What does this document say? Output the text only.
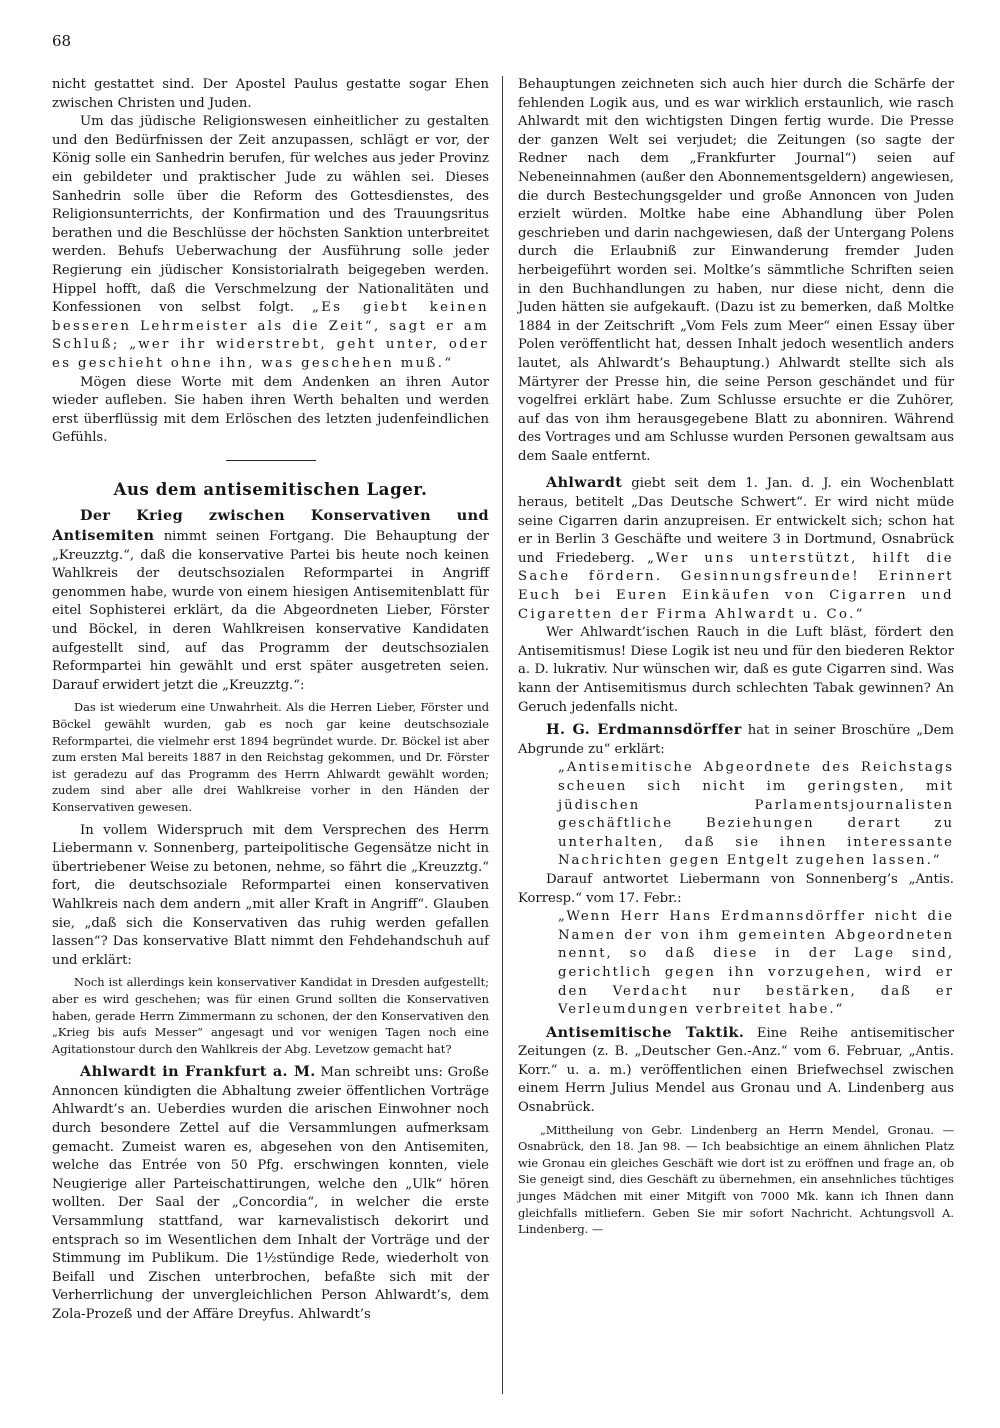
68

nicht gestattet sind. Der Apostel Paulus gestatte sogar Ehen zwischen Christen und Juden.

Um das jüdische Religionswesen einheitlicher zu gestalten und den Bedürfnissen der Zeit anzupassen, schlägt er vor, der König solle ein Sanhedrin berufen, für welches aus jeder Provinz ein gebildeter und praktischer Jude zu wählen sei. Dieses Sanhedrin solle über die Reform des Gottesdienstes, des Religionsunterrichts, der Konfirmation und des Trauungsritus berathen und die Beschlüsse der höchsten Sanktion unterbreitet werden. Behufs Ueberwachung der Ausführung solle jeder Regierung ein jüdischer Konsistorialrath beigegeben werden. Hippel hofft, daß die Verschmelzung der Nationalitäten und Konfessionen von selbst folgt. „Es giebt keinen besseren Lehrmeister als die Zeit“, sagt er am Schluß; „wer ihr widerstrebt, geht unter, oder es geschieht ohne ihn, was geschehen muß.“

Mögen diese Worte mit dem Andenken an ihren Autor wieder aufleben. Sie haben ihren Werth behalten und werden erst überflüssig mit dem Erlöschen des letzten judenfeindlichen Gefühls.

Aus dem antisemitischen Lager.

Der Krieg zwischen Konservativen und Antisemiten nimmt seinen Fortgang. Die Behauptung der „Kreuzztg.“, daß die konservative Partei bis heute noch keinen Wahlkreis der deutschsozialen Reformpartei in Angriff genommen habe, wurde von einem hiesigen Antisemitenblatt für eitel Sophisterei erklärt, da die Abgeordneten Lieber, Förster und Böckel, in deren Wahlkreisen konservative Kandidaten aufgestellt sind, auf das Programm der deutschsozialen Reformpartei hin gewählt und erst später ausgetreten seien. Darauf erwidert jetzt die „Kreuzztg.“:

Das ist wiederum eine Unwahrheit. Als die Herren Lieber, Förster und Böckel gewählt wurden, gab es noch gar keine deutschsoziale Reformpartei, die vielmehr erst 1894 begründet wurde. Dr. Böckel ist aber zum ersten Mal bereits 1887 in den Reichstag gekommen, und Dr. Förster ist geradezu auf das Programm des Herrn Ahlwardt gewählt worden; zudem sind aber alle drei Wahlkreise vorher in den Händen der Konservativen gewesen.

In vollem Widerspruch mit dem Versprechen des Herrn Liebermann v. Sonnenberg, parteipolitische Gegensätze nicht in übertriebener Weise zu betonen, nehme, so fährt die „Kreuzztg.“ fort, die deutschsoziale Reformpartei einen konservativen Wahlkreis nach dem andern „mit aller Kraft in Angriff“. Glauben sie, „daß sich die Konservativen das ruhig werden gefallen lassen“? Das konservative Blatt nimmt den Fehdehandschuh auf und erklärt:

Noch ist allerdings kein konservativer Kandidat in Dresden aufgestellt; aber es wird geschehen; was für einen Grund sollten die Konservativen haben, gerade Herrn Zimmermann zu schonen, der den Konservativen den „Krieg bis aufs Messer“ angesagt und vor wenigen Tagen noch eine Agitationstour durch den Wahlkreis der Abg. Levetzow gemacht hat?

Ahlwardt in Frankfurt a. M. Man schreibt uns: Große Annoncen kündigten die Abhaltung zweier öffentlichen Vorträge Ahlwardt’s an. Ueberdies wurden die arischen Einwohner noch durch besondere Zettel auf die Versammlungen aufmerksam gemacht. Zumeist waren es, abgesehen von den Antisemiten, welche das Entrée von 50 Pfg. erschwingen konnten, viele Neugierige aller Parteischattirungen, welche den „Ulk“ hören wollten. Der Saal der „Concordia“, in welcher die erste Versammlung stattfand, war karnevalistisch dekorirt und entsprach so im Wesentlichen dem Inhalt der Vorträge und der Stimmung im Publikum. Die 1½stündige Rede, wiederholt von Beifall und Zischen unterbrochen, befaßte sich mit der Verherrlichung der unvergleichlichen Person Ahlwardt’s, dem Zola-Prozeß und der Affäre Dreyfus. Ahlwardt’s

Behauptungen zeichneten sich auch hier durch die Schärfe der fehlenden Logik aus, und es war wirklich erstaunlich, wie rasch Ahlwardt mit den wichtigsten Dingen fertig wurde. Die Presse der ganzen Welt sei verjudet; die Zeitungen (so sagte der Redner nach dem „Frankfurter Journal“) seien auf Nebeneinnahmen (außer den Abonnementsgeldern) angewiesen, die durch Bestechungsgelder und große Annoncen von Juden erzielt würden. Moltke habe eine Abhandlung über Polen geschrieben und darin nachgewiesen, daß der Untergang Polens durch die Erlaubniß zur Einwanderung fremder Juden herbeigeführt worden sei. Moltke’s sämmtliche Schriften seien in den Buchhandlungen zu haben, nur diese nicht, denn die Juden hätten sie aufgekauft. (Dazu ist zu bemerken, daß Moltke 1884 in der Zeitschrift „Vom Fels zum Meer“ einen Essay über Polen veröffentlicht hat, dessen Inhalt jedoch wesentlich anders lautet, als Ahlwardt’s Behauptung.) Ahlwardt stellte sich als Märtyrer der Presse hin, die seine Person geschändet und für vogelfrei erklärt habe. Zum Schlusse ersuchte er die Zuhörer, auf das von ihm herausgegebene Blatt zu abonniren. Während des Vortrages und am Schlusse wurden Personen gewaltsam aus dem Saale entfernt.

Ahlwardt giebt seit dem 1. Jan. d. J. ein Wochenblatt heraus, betitelt „Das Deutsche Schwert“. Er wird nicht müde seine Cigarren darin anzupreisen. Er entwickelt sich; schon hat er in Berlin 3 Geschäfte und weitere 3 in Dortmund, Osnabrück und Friedeberg. „Wer uns unterstützt, hilft die Sache fördern. Gesinnungsfreunde! Erinnert Euch bei Euren Einkäufen von Cigarren und Cigaretten der Firma Ahlwardt u. Co.“

Wer Ahlwardt’ischen Rauch in die Luft bläst, fördert den Antisemitismus! Diese Logik ist neu und für den biederen Rektor a. D. lukrativ. Nur wünschen wir, daß es gute Cigarren sind. Was kann der Antisemitismus durch schlechten Tabak gewinnen? An Geruch jedenfalls nicht.

H. G. Erdmannsdörffer hat in seiner Broschüre „Dem Abgrunde zu“ erklärt:

„Antisemitische Abgeordnete des Reichstags scheuen sich nicht im geringsten, mit jüdischen Parlamentsjournalisten geschäftliche Beziehungen derart zu unterhalten, daß sie ihnen interessante Nachrichten gegen Entgelt zugehen lassen.“

Darauf antwortet Liebermann von Sonnenberg’s „Antis. Korresp.“ vom 17. Febr.:

„Wenn Herr Hans Erdmannsdörffer nicht die Namen der von ihm gemeinten Abgeordneten nennt, so daß diese in der Lage sind, gerichtlich gegen ihn vorzugehen, wird er den Verdacht nur bestärken, daß er Verleumdungen verbreitet habe.“

Antisemitische Taktik. Eine Reihe antisemitischer Zeitungen (z. B. „Deutscher Gen.-Anz.“ vom 6. Februar, „Antis. Korr.“ u. a. m.) veröffentlichen einen Briefwechsel zwischen einem Herrn Julius Mendel aus Gronau und A. Lindenberg aus Osnabrück.

„Mittheilung von Gebr. Lindenberg an Herrn Mendel, Gronau. — Osnabrück, den 18. Jan 98. — Ich beabsichtige an einem ähnlichen Platz wie Gronau ein gleiches Geschäft wie dort ist zu eröffnen und frage an, ob Sie geneigt sind, dies Geschäft zu übernehmen, ein ansehnliches tüchtiges junges Mädchen mit einer Mitgift von 7000 Mk. kann ich Ihnen dann gleichfalls mitliefern. Geben Sie mir sofort Nachricht. Achtungsvoll A. Lindenberg. —
